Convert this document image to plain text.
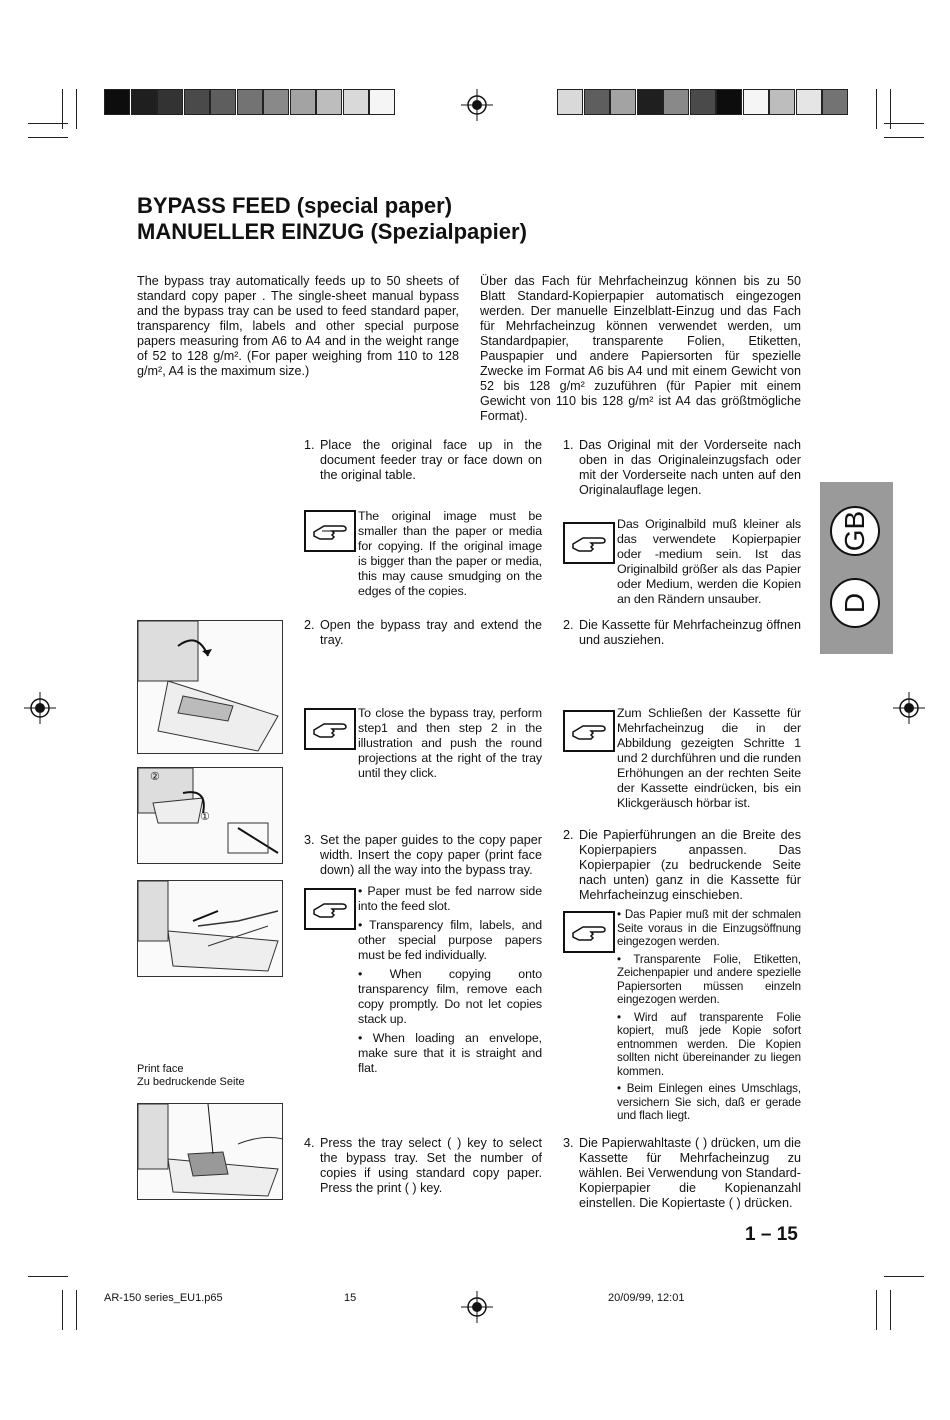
BYPASS FEED (special paper)
MANUELLER EINZUG (Spezialpapier)

The bypass tray automatically feeds up to 50 sheets of standard copy paper . The single-sheet manual bypass and the bypass tray can be used to feed standard paper, transparency film, labels and other special purpose papers measuring from A6 to A4 and in the weight range of 52 to 128 g/m². (For paper weighing from 110 to 128 g/m², A4 is the maximum size.)

Über das Fach für Mehrfacheinzug können bis zu 50 Blatt Standard-Kopierpapier automatisch eingezogen werden. Der manuelle Einzelblatt-Einzug und das Fach für Mehrfacheinzug können verwendet werden, um Standardpapier, transparente Folien, Etiketten, Pauspapier und andere Papiersorten für spezielle Zwecke im Format A6 bis A4 und mit einem Gewicht von 52 bis 128 g/m² zuzuführen (für Papier mit einem Gewicht von 110 bis 128 g/m² ist A4 das größtmögliche Format).

GB
D
1. Place the original face up in the document feeder tray or face down on the original table.

The original image must be smaller than the paper or media for copying. If the original image is bigger than the paper or media, this may cause smudging on the edges of the copies.

2. Open the bypass tray and extend the tray.

To close the bypass tray, perform step1 and then step 2 in the illustration and push the round projections at the right of the tray until they click.

3. Set the paper guides to the copy paper width. Insert the copy paper (print face down) all the way into the bypass tray.

• Paper must be fed narrow side into the feed slot.

• Transparency film, labels, and other special purpose papers must be fed individually.

• When copying onto transparency film, remove each copy promptly. Do not let copies stack up.

• When loading an envelope, make sure that it is straight and flat.

4. Press the tray select ( ) key to select the bypass tray. Set the number of copies if using standard copy paper. Press the print ( ) key.
1. Das Original mit der Vorderseite nach oben in das Originaleinzugsfach oder mit der Vorderseite nach unten auf den Originalauflage legen.

Das Originalbild muß kleiner als das verwendete Kopierpapier oder -medium sein. Ist das Originalbild größer als das Papier oder Medium, werden die Kopien an den Rändern unsauber.

2. Die Kassette für Mehrfacheinzug öffnen und ausziehen.

Zum Schließen der Kassette für Mehrfacheinzug die in der Abbildung gezeigten Schritte 1 und 2 durchführen und die runden Erhöhungen an der rechten Seite der Kassette eindrücken, bis ein Klickgeräusch hörbar ist.

2. Die Papierführungen an die Breite des Kopierpapiers anpassen. Das Kopierpapier (zu bedruckende Seite nach unten) ganz in die Kassette für Mehrfacheinzug einschieben.

• Das Papier muß mit der schmalen Seite voraus in die Einzugsöffnung eingezogen werden.

• Transparente Folie, Etiketten, Zeichenpapier und andere spezielle Papiersorten müssen einzeln eingezogen werden.

• Wird auf transparente Folie kopiert, muß jede Kopie sofort entnommen werden. Die Kopien sollten nicht übereinander zu liegen kommen.

• Beim Einlegen eines Umschlags, versichern Sie sich, daß er gerade und flach liegt.

3. Die Papierwahltaste ( ) drücken, um die Kassette für Mehrfacheinzug zu wählen. Bei Verwendung von Standard-Kopierpapier die Kopienanzahl einstellen. Die Kopiertaste ( ) drücken.
②
①
Print face
Zu bedruckende Seite
1 – 15
AR-150 series_EU1.p65	15	20/09/99, 12:01
